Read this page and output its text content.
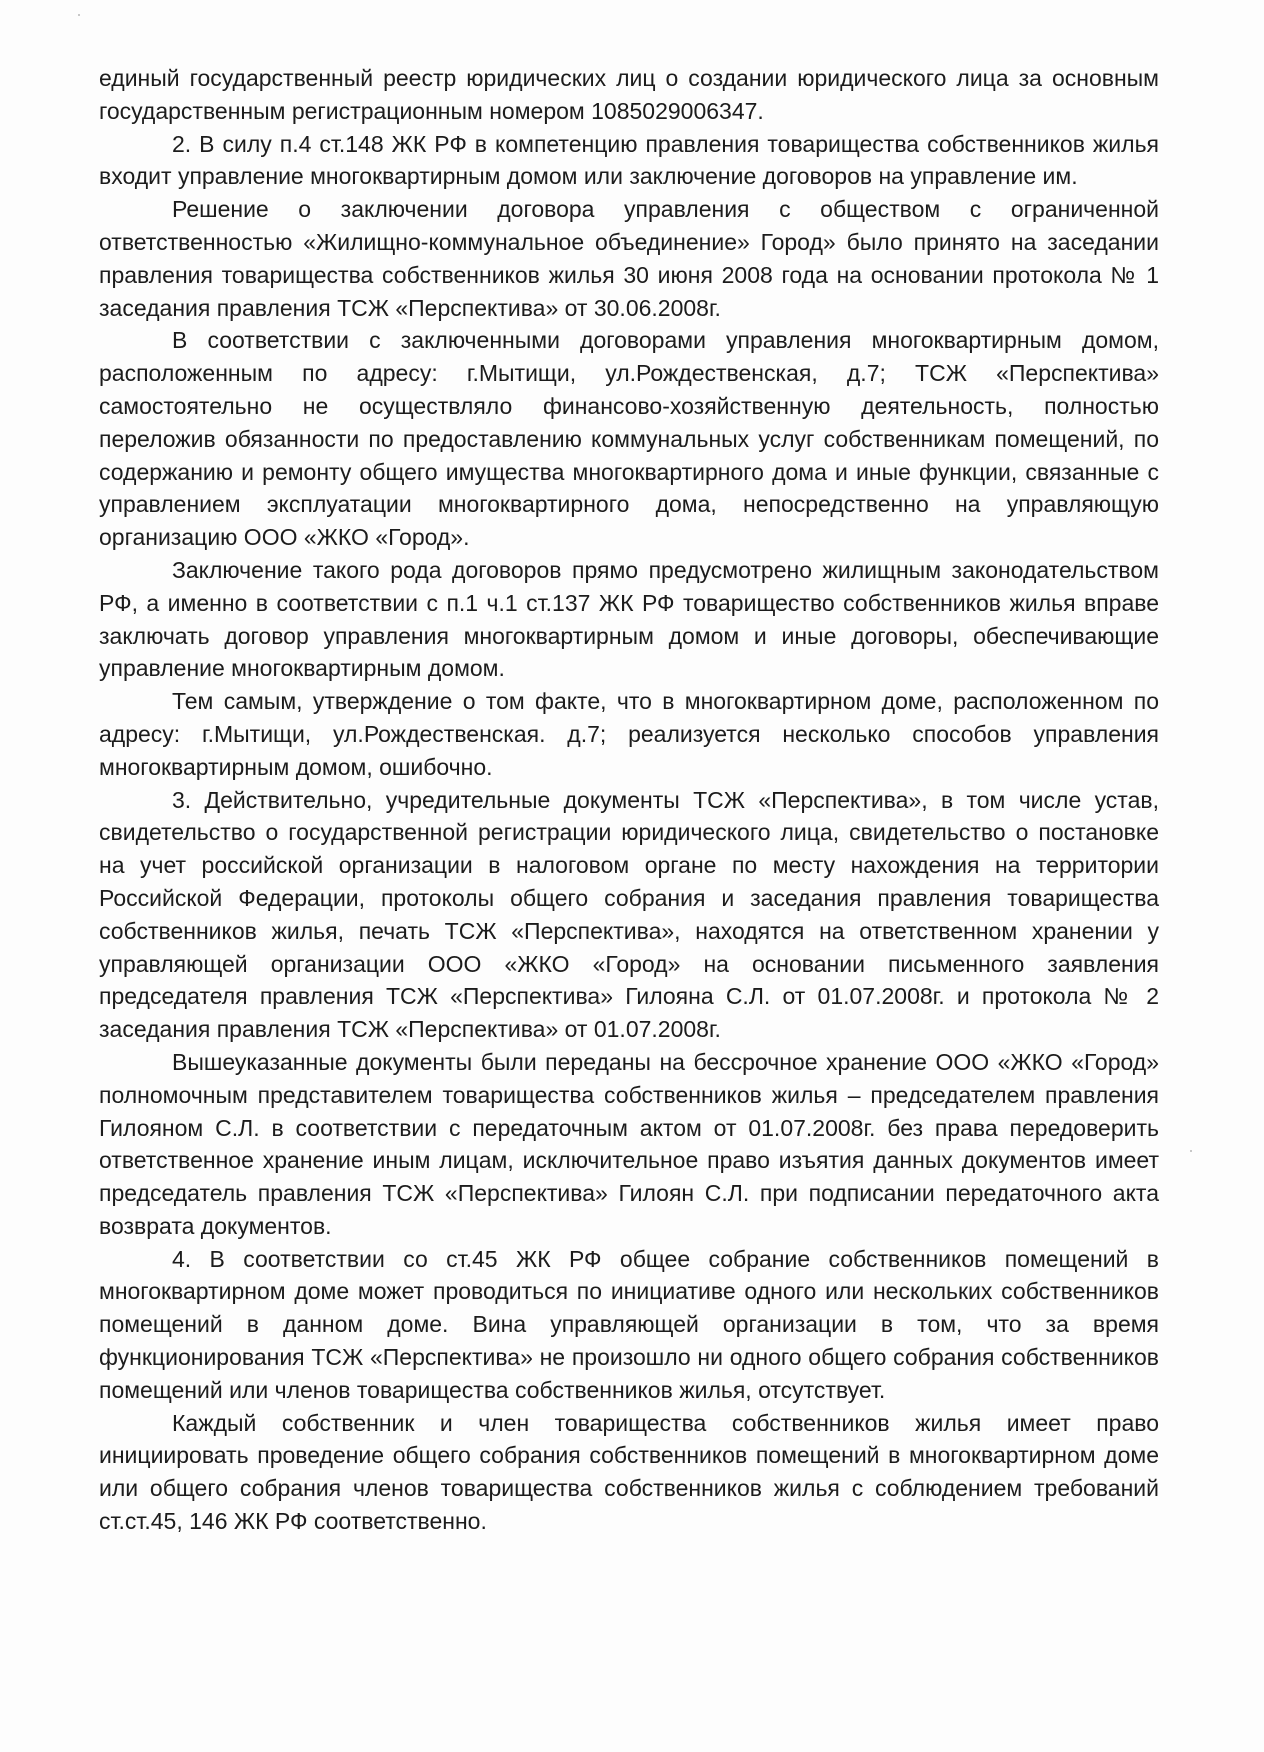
единый государственный реестр юридических лиц о создании юридического лица за основным государственным регистрационным номером 1085029006347.

2. В силу п.4 ст.148 ЖК РФ в компетенцию правления товарищества собственников жилья входит управление многоквартирным домом или заключение договоров на управление им.

Решение о заключении договора управления с обществом с ограниченной ответственностью «Жилищно-коммунальное объединение» Город» было принято на заседании правления товарищества собственников жилья 30 июня 2008 года на основании протокола № 1 заседания правления ТСЖ «Перспектива» от 30.06.2008г.

В соответствии с заключенными договорами управления многоквартирным домом, расположенным по адресу: г.Мытищи, ул.Рождественская, д.7; ТСЖ «Перспектива» самостоятельно не осуществляло финансово-хозяйственную деятельность, полностью переложив обязанности по предоставлению коммунальных услуг собственникам помещений, по содержанию и ремонту общего имущества многоквартирного дома и иные функции, связанные с управлением эксплуатации многоквартирного дома, непосредственно на управляющую организацию ООО «ЖКО «Город».

Заключение такого рода договоров прямо предусмотрено жилищным законодательством РФ, а именно в соответствии с п.1 ч.1 ст.137 ЖК РФ товарищество собственников жилья вправе заключать договор управления многоквартирным домом и иные договоры, обеспечивающие управление многоквартирным домом.

Тем самым, утверждение о том факте, что в многоквартирном доме, расположенном по адресу: г.Мытищи, ул.Рождественская. д.7; реализуется несколько способов управления многоквартирным домом, ошибочно.

3. Действительно, учредительные документы ТСЖ «Перспектива», в том числе устав, свидетельство о государственной регистрации юридического лица, свидетельство о постановке на учет российской организации в налоговом органе по месту нахождения на территории Российской Федерации, протоколы общего собрания и заседания правления товарищества собственников жилья, печать ТСЖ «Перспектива», находятся на ответственном хранении у управляющей организации ООО «ЖКО «Город» на основании письменного заявления председателя правления ТСЖ «Перспектива» Гилояна С.Л. от 01.07.2008г. и протокола № 2 заседания правления ТСЖ «Перспектива» от 01.07.2008г.

Вышеуказанные документы были переданы на бессрочное хранение ООО «ЖКО «Город» полномочным представителем товарищества собственников жилья – председателем правления Гилояном С.Л. в соответствии с передаточным актом от 01.07.2008г. без права передоверить ответственное хранение иным лицам, исключительное право изъятия данных документов имеет председатель правления ТСЖ «Перспектива» Гилоян С.Л. при подписании передаточного акта возврата документов.

4. В соответствии со ст.45 ЖК РФ общее собрание собственников помещений в многоквартирном доме может проводиться по инициативе одного или нескольких собственников помещений в данном доме. Вина управляющей организации в том, что за время функционирования ТСЖ «Перспектива» не произошло ни одного общего собрания собственников помещений или членов товарищества собственников жилья, отсутствует.

Каждый собственник и член товарищества собственников жилья имеет право инициировать проведение общего собрания собственников помещений в многоквартирном доме или общего собрания членов товарищества собственников жилья с соблюдением требований ст.ст.45, 146 ЖК РФ соответственно.
